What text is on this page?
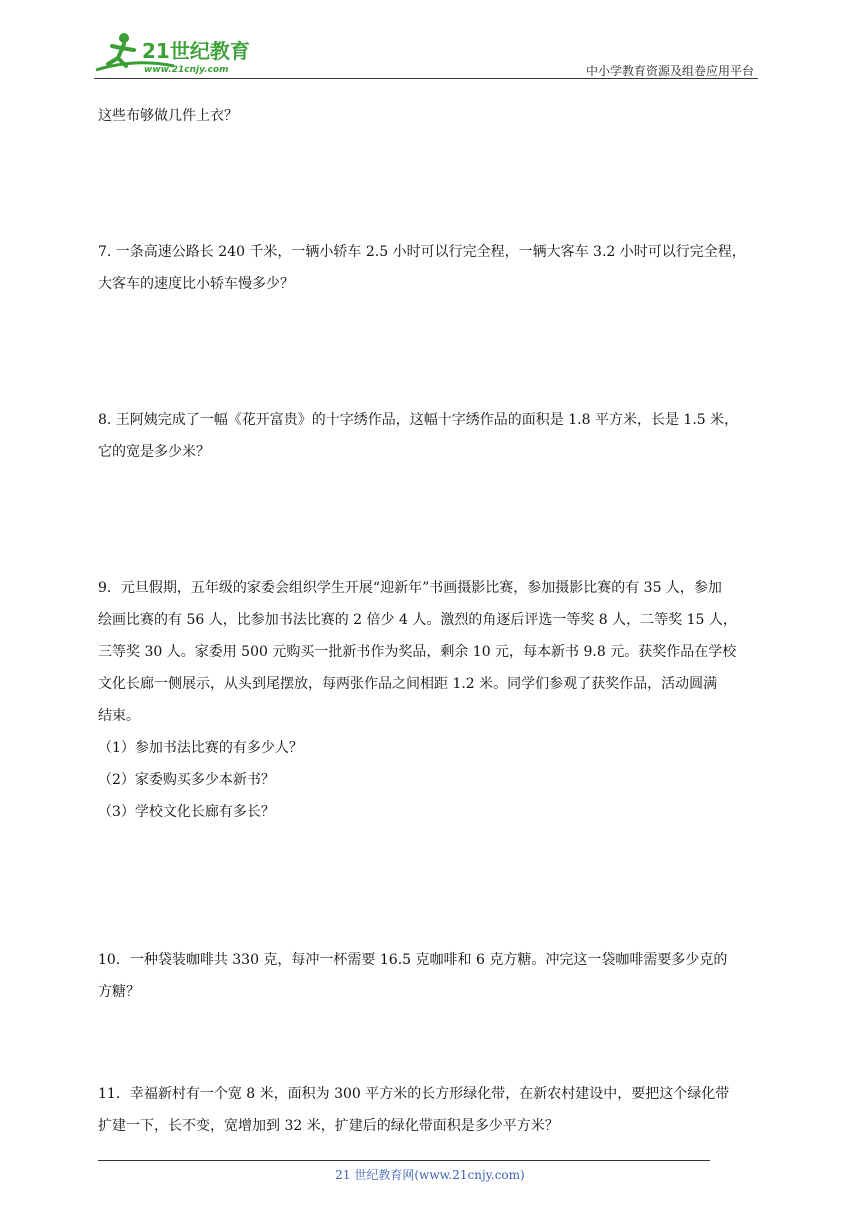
21世纪教育
www.21cnjy.com	中小学教育资源及组卷应用平台

这些布够做几件上衣？

7. 一条高速公路长 240 千米，一辆小轿车 2.5 小时可以行完全程，一辆大客车 3.2 小时可以行完全程，

大客车的速度比小轿车慢多少？

8. 王阿姨完成了一幅《花开富贵》的十字绣作品，这幅十字绣作品的面积是 1.8 平方米，长是 1.5 米，

它的宽是多少米？

9．元旦假期，五年级的家委会组织学生开展“迎新年”书画摄影比赛，参加摄影比赛的有 35 人，参加

绘画比赛的有 56 人，比参加书法比赛的 2 倍少 4 人。激烈的角逐后评选一等奖 8 人，二等奖 15 人，

三等奖 30 人。家委用 500 元购买一批新书作为奖品，剩余 10 元，每本新书 9.8 元。获奖作品在学校

文化长廊一侧展示，从头到尾摆放，每两张作品之间相距 1.2 米。同学们参观了获奖作品，活动圆满

结束。

（1）参加书法比赛的有多少人？

（2）家委购买多少本新书？

（3）学校文化长廊有多长？

10．一种袋装咖啡共 330 克，每冲一杯需要 16.5 克咖啡和 6 克方糖。冲完这一袋咖啡需要多少克的

方糖？

11．幸福新村有一个宽 8 米，面积为 300 平方米的长方形绿化带，在新农村建设中，要把这个绿化带

扩建一下，长不变，宽增加到 32 米，扩建后的绿化带面积是多少平方米？

21 世纪教育网(www.21cnjy.com)
